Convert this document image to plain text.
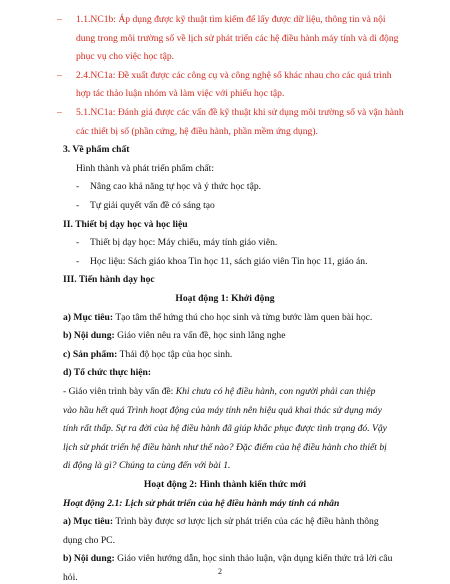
– 1.1.NC1b: Áp dụng được kỹ thuật tìm kiếm để lấy được dữ liệu, thông tin và nội
dung trong môi trường số về lịch sử phát triển các hệ điều hành máy tính và di động
phục vụ cho việc học tập.
– 2.4.NC1a: Đề xuất được các công cụ và công nghệ số khác nhau cho các quá trình
hợp tác thảo luận nhóm và làm việc với phiếu học tập.
– 5.1.NC1a: Đánh giá được các vấn đề kỹ thuật khi sử dụng môi trường số và vận hành
các thiết bị số (phần cứng, hệ điều hành, phần mềm ứng dụng).
3. Về phẩm chất
Hình thành và phát triển phẩm chất:
- Nâng cao khả năng tự học và ý thức học tập.
- Tự giải quyết vấn đề có sáng tạo
II. Thiết bị dạy học và học liệu
- Thiết bị dạy học: Máy chiếu, máy tính giáo viên.
- Học liệu: Sách giáo khoa Tin học 11, sách giáo viên Tin học 11, giáo án.
III. Tiến hành dạy học
Hoạt động 1: Khởi động
a) Mục tiêu: Tạo tâm thế hứng thú cho học sinh và từng bước làm quen bài học.
b) Nội dung: Giáo viên nêu ra vấn đề, học sinh lắng nghe
c) Sản phẩm: Thái độ học tập của học sinh.
d) Tổ chức thực hiện:
- Giáo viên trình bày vấn đề: Khi chưa có hệ điều hành, con người phải can thiệp
vào hầu hết quá Trình hoạt động của máy tính nên hiệu quả khai thác sử dụng máy
tính rất thấp. Sự ra đời của hệ điều hành đã giúp khắc phục được tình trạng đó. Vậy
lịch sử phát triển hệ điều hành như thế nào? Đặc điểm của hệ điều hành cho thiết bị
di động là gì? Chúng ta cùng đến với bài 1.
Hoạt động 2: Hình thành kiến thức mới
Hoạt động 2.1: Lịch sử phát triển của hệ điều hành máy tính cá nhân
a) Mục tiêu: Trình bày được sơ lược lịch sử phát triển của các hệ điều hành thông
dụng cho PC.
b) Nội dung: Giáo viên hướng dẫn, học sinh thảo luận, vận dụng kiến thức trả lời câu
hỏi.
2
